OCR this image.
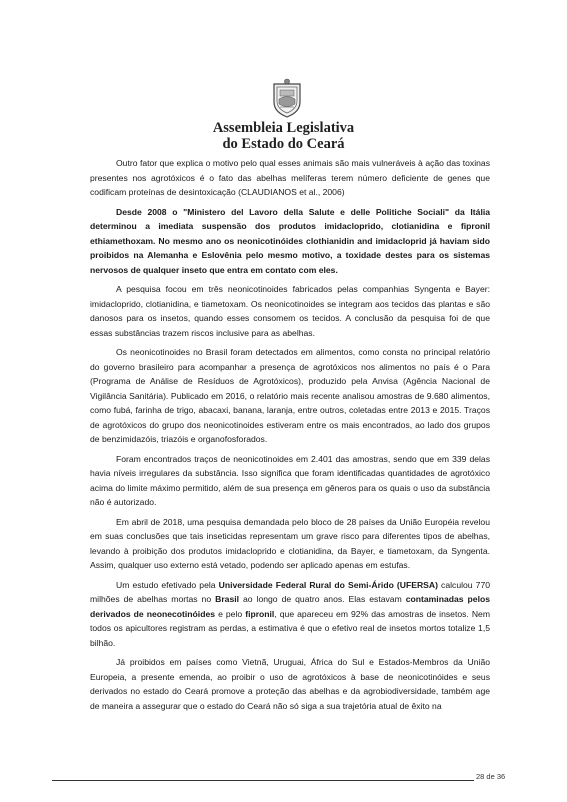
Assembleia Legislativa
do Estado do Ceará

Outro fator que explica o motivo pelo qual esses animais são mais vulneráveis à ação das toxinas presentes nos agrotóxicos é o fato das abelhas melíferas terem número deficiente de genes que codificam proteínas de desintoxicação (CLAUDIANOS et al., 2006)

Desde 2008 o "Ministero del Lavoro della Salute e delle Politiche Sociali" da Itália determinou a imediata suspensão dos produtos imidacloprido, clotianidina e fipronil ethiamethoxam. No mesmo ano os neonicotinóides clothianidin and imidacloprid já haviam sido proibidos na Alemanha e Eslovênia pelo mesmo motivo, a toxidade destes para os sistemas nervosos de qualquer inseto que entra em contato com eles.

A pesquisa focou em três neonicotinoides fabricados pelas companhias Syngenta e Bayer: imidacloprido, clotianidina, e tiametoxam. Os neonicotinoides se integram aos tecidos das plantas e são danosos para os insetos, quando esses consomem os tecidos. A conclusão da pesquisa foi de que essas substâncias trazem riscos inclusive para as abelhas.

Os neonicotinoides no Brasil foram detectados em alimentos, como consta no principal relatório do governo brasileiro para acompanhar a presença de agrotóxicos nos alimentos no país é o Para (Programa de Análise de Resíduos de Agrotóxicos), produzido pela Anvisa (Agência Nacional de Vigilância Sanitária). Publicado em 2016, o relatório mais recente analisou amostras de 9.680 alimentos, como fubá, farinha de trigo, abacaxi, banana, laranja, entre outros, coletadas entre 2013 e 2015. Traços de agrotóxicos do grupo dos neonicotinoides estiveram entre os mais encontrados, ao lado dos grupos de benzimidazóis, triazóis e organofosforados.

Foram encontrados traços de neonicotinoides em 2.401 das amostras, sendo que em 339 delas havia níveis irregulares da substância. Isso significa que foram identificadas quantidades de agrotóxico acima do limite máximo permitido, além de sua presença em gêneros para os quais o uso da substância não é autorizado.

Em abril de 2018, uma pesquisa demandada pelo bloco de 28 países da União Européia revelou em suas conclusões que tais inseticidas representam um grave risco para diferentes tipos de abelhas, levando à proibição dos produtos imidacloprido e clotianidina, da Bayer, e tiametoxam, da Syngenta. Assim, qualquer uso externo está vetado, podendo ser aplicado apenas em estufas.

Um estudo efetivado pela Universidade Federal Rural do Semi-Árido (UFERSA) calculou 770 milhões de abelhas mortas no Brasil ao longo de quatro anos. Elas estavam contaminadas pelos derivados de neonecotinóides e pelo fipronil, que apareceu em 92% das amostras de insetos. Nem todos os apicultores registram as perdas, a estimativa é que o efetivo real de insetos mortos totalize 1,5 bilhão.

Já proibidos em países como Vietnã, Uruguai, África do Sul e Estados-Membros da União Europeia, a presente emenda, ao proibir o uso de agrotóxicos à base de neonicotinóides e seus derivados no estado do Ceará promove a proteção das abelhas e da agrobiodiversidade, também age de maneira a assegurar que o estado do Ceará não só siga a sua trajetória atual de êxito na

28 de 36
